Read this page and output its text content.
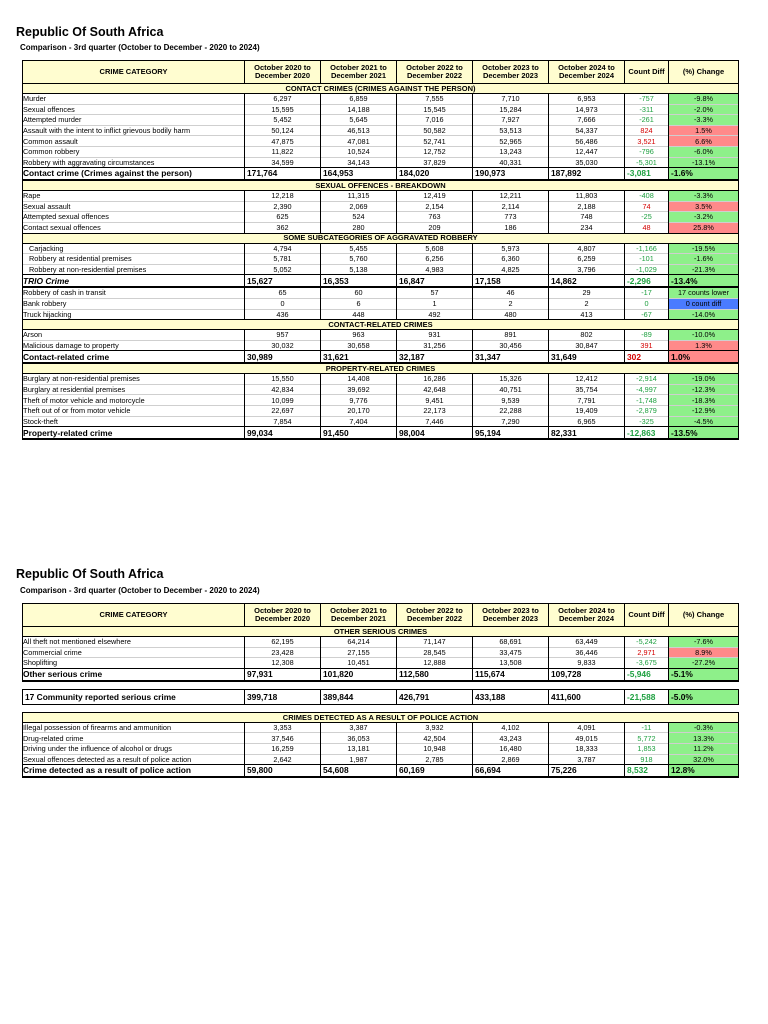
Republic Of South Africa
Comparison - 3rd quarter (October to December - 2020 to 2024)
CRIME CATEGORY	October 2020 to December 2020	October 2021 to December 2021	October 2022 to December 2022	October 2023 to December 2023	October 2024 to December 2024	Count Diff	(%) Change
CONTACT CRIMES (CRIMES AGAINST THE PERSON)							
Murder	6,297	6,859	7,555	7,710	6,953	-757	-9.8%
Sexual offences	15,595	14,188	15,545	15,284	14,973	-311	-2.0%
Attempted murder	5,452	5,645	7,016	7,927	7,666	-261	-3.3%
Assault with the intent to inflict grievous bodily harm	50,124	46,513	50,582	53,513	54,337	824	1.5%
Common assault	47,875	47,081	52,741	52,965	56,486	3,521	6.6%
Common robbery	11,822	10,524	12,752	13,243	12,447	-796	-6.0%
Robbery with aggravating circumstances	34,599	34,143	37,829	40,331	35,030	-5,301	-13.1%
Contact crime (Crimes against the person)	171,764	164,953	184,020	190,973	187,892	-3,081	-1.6%
SEXUAL OFFENCES - BREAKDOWN							
Rape	12,218	11,315	12,419	12,211	11,803	-408	-3.3%
Sexual assault	2,390	2,069	2,154	2,114	2,188	74	3.5%
Attempted sexual offences	625	524	763	773	748	-25	-3.2%
Contact sexual offences	362	280	209	186	234	48	25.8%
SOME SUBCATEGORIES OF AGGRAVATED ROBBERY							
Carjacking	4,794	5,455	5,608	5,973	4,807	-1,166	-19.5%
Robbery at residential premises	5,781	5,760	6,256	6,360	6,259	-101	-1.6%
Robbery at non-residential premises	5,052	5,138	4,983	4,825	3,796	-1,029	-21.3%
TRIO Crime	15,627	16,353	16,847	17,158	14,862	-2,296	-13.4%
Robbery of cash in transit	65	60	57	46	29	-17	17 counts lower
Bank robbery	0	6	1	2	2	0	0 count diff
Truck hijacking	436	448	492	480	413	-67	-14.0%
CONTACT-RELATED CRIMES							
Arson	957	963	931	891	802	-89	-10.0%
Malicious damage to property	30,032	30,658	31,256	30,456	30,847	391	1.3%
Contact-related crime	30,989	31,621	32,187	31,347	31,649	302	1.0%
PROPERTY-RELATED CRIMES							
Burglary at non-residential premises	15,550	14,408	16,286	15,326	12,412	-2,914	-19.0%
Burglary at residential premises	42,834	39,692	42,648	40,751	35,754	-4,997	-12.3%
Theft of motor vehicle and motorcycle	10,099	9,776	9,451	9,539	7,791	-1,748	-18.3%
Theft out of or from motor vehicle	22,697	20,170	22,173	22,288	19,409	-2,879	-12.9%
Stock-theft	7,854	7,404	7,446	7,290	6,965	-325	-4.5%
Property-related crime	99,034	91,450	98,004	95,194	82,331	-12,863	-13.5%
Republic Of South Africa
Comparison - 3rd quarter (October to December - 2020 to 2024)
CRIME CATEGORY	October 2020 to December 2020	October 2021 to December 2021	October 2022 to December 2022	October 2023 to December 2023	October 2024 to December 2024	Count Diff	(%) Change
OTHER SERIOUS CRIMES							
All theft not mentioned elsewhere	62,195	64,214	71,147	68,691	63,449	-5,242	-7.6%
Commercial crime	23,428	27,155	28,545	33,475	36,446	2,971	8.9%
Shoplifting	12,308	10,451	12,888	13,508	9,833	-3,675	-27.2%
Other serious crime	97,931	101,820	112,580	115,674	109,728	-5,946	-5.1%

17 Community reported serious crime	399,718	389,844	426,791	433,188	411,600	-21,588	-5.0%

CRIMES DETECTED AS A RESULT OF POLICE ACTION							
Illegal possession of firearms and ammunition	3,353	3,387	3,932	4,102	4,091	-11	-0.3%
Drug-related crime	37,546	36,053	42,504	43,243	49,015	5,772	13.3%
Driving under the influence of alcohol or drugs	16,259	13,181	10,948	16,480	18,333	1,853	11.2%
Sexual offences detected as a result of police action	2,642	1,987	2,785	2,869	3,787	918	32.0%
Crime detected as a result of police action	59,800	54,608	60,169	66,694	75,226	8,532	12.8%
